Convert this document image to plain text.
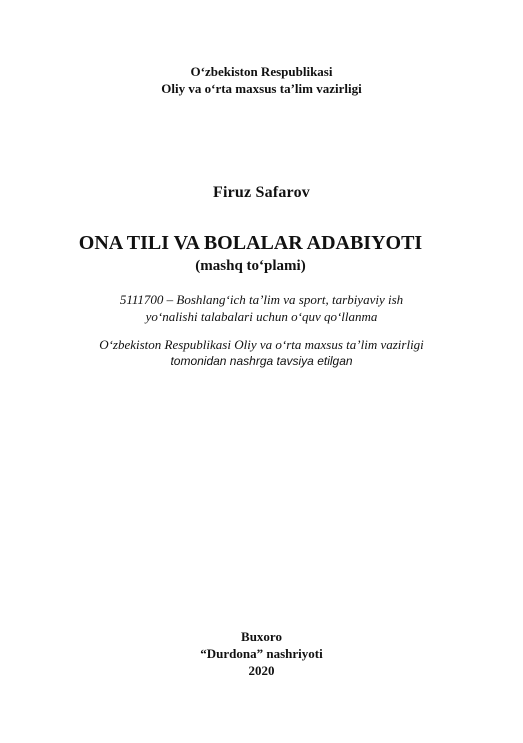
O‘zbekiston Respublikasi
Oliy va o‘rta maxsus ta’lim vazirligi
Firuz Safarov
ONA TILI VA BOLALAR ADABIYOTI
(mashq to‘plami)
5111700 – Boshlang‘ich ta’lim va sport, tarbiyaviy ish
yo‘nalishi talabalari uchun o‘quv qo‘llanma
O‘zbekiston Respublikasi Oliy va o‘rta maxsus ta’lim vazirligi
tomonidan nashrga tavsiya etilgan
Buxoro
“Durdona” nashriyoti
2020
